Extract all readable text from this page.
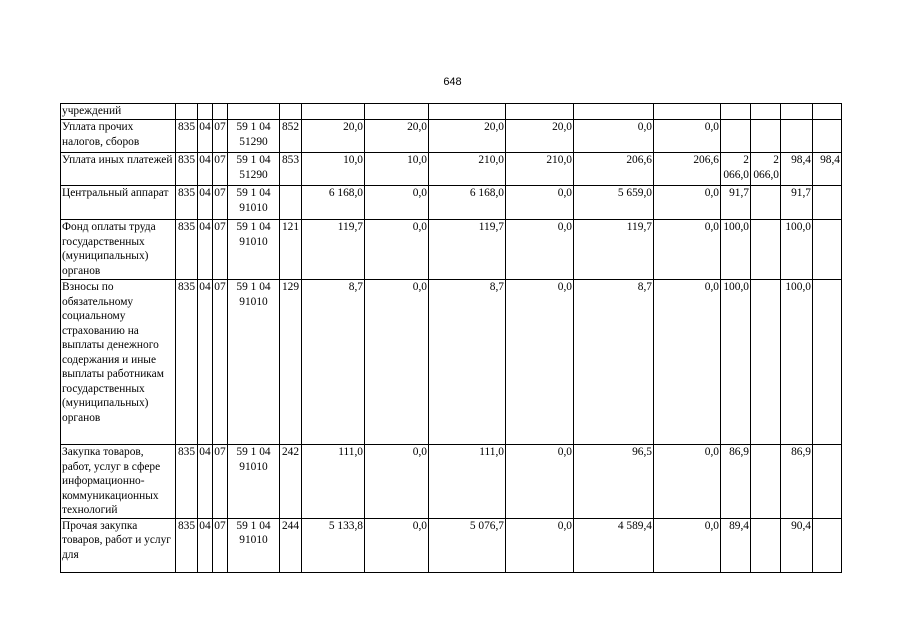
648
учреждений															
Уплата прочих налогов, сборов	835	04	07	59 1 04 51290	852	20,0	20,0	20,0	20,0	0,0	0,0				
Уплата иных платежей	835	04	07	59 1 04 51290	853	10,0	10,0	210,0	210,0	206,6	206,6	2 066,0	2 066,0	98,4	98,4
Центральный аппарат	835	04	07	59 1 04 91010		6 168,0	0,0	6 168,0	0,0	5 659,0	0,0	91,7		91,7	
Фонд оплаты труда государственных (муниципальных) органов	835	04	07	59 1 04 91010	121	119,7	0,0	119,7	0,0	119,7	0,0	100,0		100,0	
Взносы по обязательному социальному страхованию на выплаты денежного содержания и иные выплаты работникам государственных (муниципальных) органов	835	04	07	59 1 04 91010	129	8,7	0,0	8,7	0,0	8,7	0,0	100,0		100,0	
Закупка товаров, работ, услуг в сфере информационно-коммуникационных технологий	835	04	07	59 1 04 91010	242	111,0	0,0	111,0	0,0	96,5	0,0	86,9		86,9	
Прочая закупка товаров, работ и услуг для	835	04	07	59 1 04 91010	244	5 133,8	0,0	5 076,7	0,0	4 589,4	0,0	89,4		90,4	
